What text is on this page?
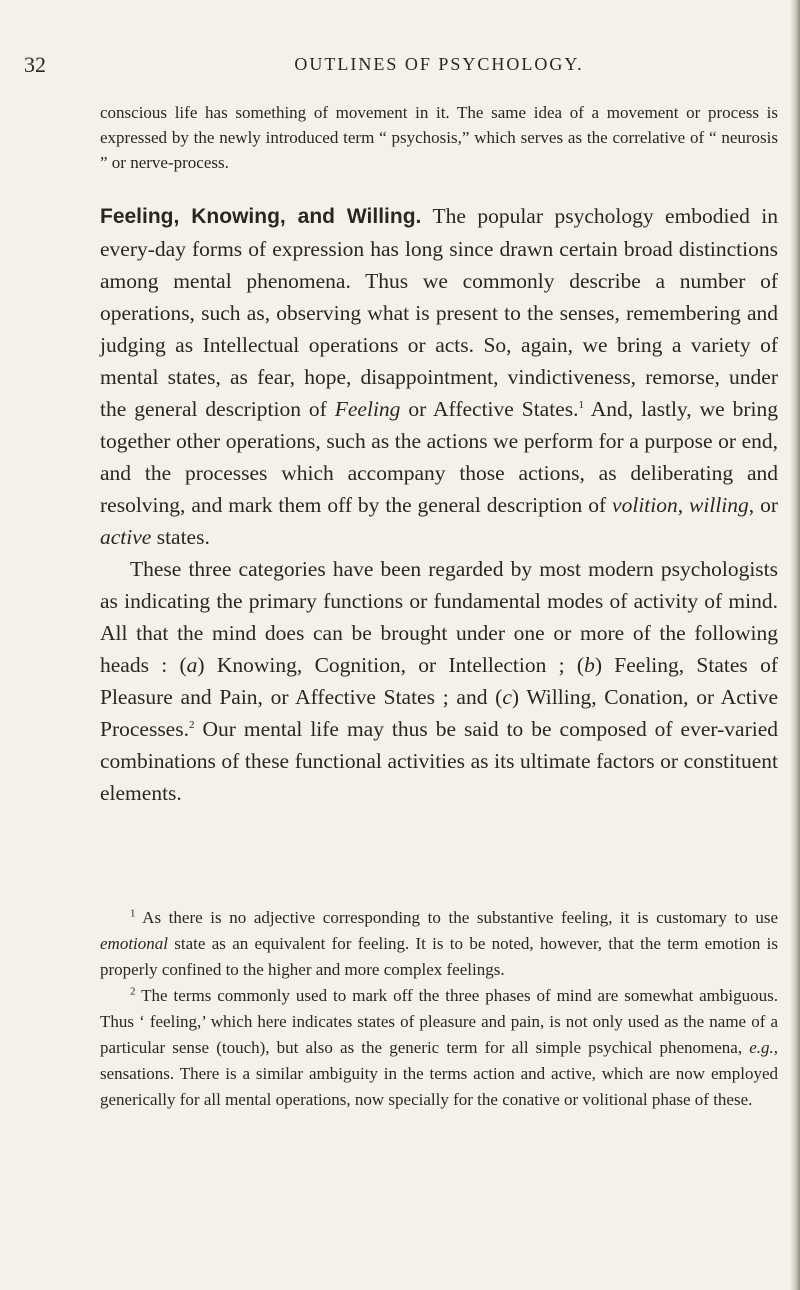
32	OUTLINES OF PSYCHOLOGY.
conscious life has something of movement in it. The same idea of a movement or process is expressed by the newly introduced term “ psychosis,” which serves as the correlative of “ neurosis ” or nerve-process.

Feeling, Knowing, and Willing. The popular psychology embodied in every-day forms of expression has long since drawn certain broad distinctions among mental phenomena. Thus we commonly describe a number of operations, such as, observing what is present to the senses, remembering and judging as Intellectual operations or acts. So, again, we bring a variety of mental states, as fear, hope, disappointment, vindictiveness, remorse, under the general description of Feeling or Affective States.$^1$ And, lastly, we bring together other operations, such as the actions we perform for a purpose or end, and the processes which accompany those actions, as deliberating and resolving, and mark them off by the general description of volition, willing, or active states.

These three categories have been regarded by most modern psychologists as indicating the primary functions or fundamental modes of activity of mind. All that the mind does can be brought under one or more of the following heads : (a) Knowing, Cognition, or Intellection ; (b) Feeling, States of Pleasure and Pain, or Affective States ; and (c) Willing, Conation, or Active Processes.$^2$ Our mental life may thus be said to be composed of ever-varied combinations of these functional activities as its ultimate factors or constituent elements.

$^1$ As there is no adjective corresponding to the substantive feeling, it is customary to use emotional state as an equivalent for feeling. It is to be noted, however, that the term emotion is properly confined to the higher and more complex feelings.

$^2$ The terms commonly used to mark off the three phases of mind are somewhat ambiguous. Thus ‘ feeling,’ which here indicates states of pleasure and pain, is not only used as the name of a particular sense (touch), but also as the generic term for all simple psychical phenomena, e.g., sensations. There is a similar ambiguity in the terms action and active, which are now employed generically for all mental operations, now specially for the conative or volitional phase of these.
